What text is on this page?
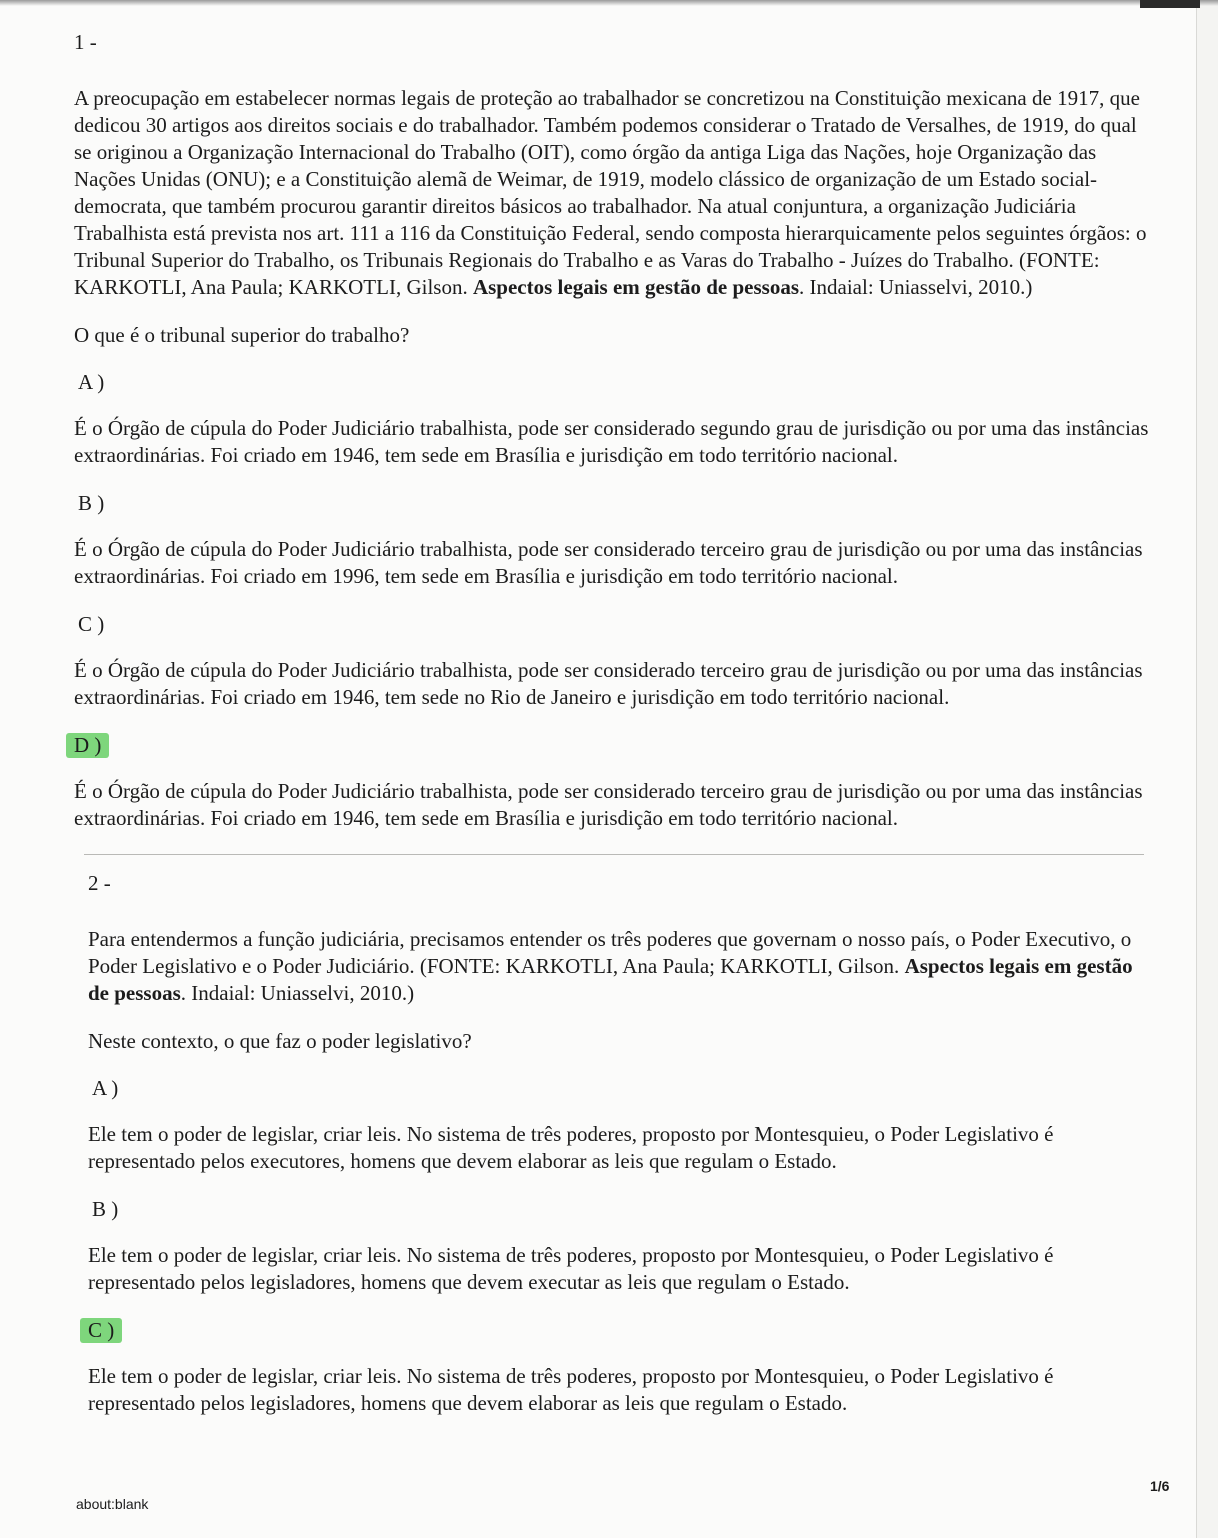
1 -

A preocupação em estabelecer normas legais de proteção ao trabalhador se concretizou na Constituição mexicana de 1917, que dedicou 30 artigos aos direitos sociais e do trabalhador. Também podemos considerar o Tratado de Versalhes, de 1919, do qual se originou a Organização Internacional do Trabalho (OIT), como órgão da antiga Liga das Nações, hoje Organização das Nações Unidas (ONU); e a Constituição alemã de Weimar, de 1919, modelo clássico de organização de um Estado social-democrata, que também procurou garantir direitos básicos ao trabalhador. Na atual conjuntura, a organização Judiciária Trabalhista está prevista nos art. 111 a 116 da Constituição Federal, sendo composta hierarquicamente pelos seguintes órgãos: o Tribunal Superior do Trabalho, os Tribunais Regionais do Trabalho e as Varas do Trabalho - Juízes do Trabalho. (FONTE: KARKOTLI, Ana Paula; KARKOTLI, Gilson. Aspectos legais em gestão de pessoas. Indaial: Uniasselvi, 2010.)

O que é o tribunal superior do trabalho?

A )

É o Órgão de cúpula do Poder Judiciário trabalhista, pode ser considerado segundo grau de jurisdição ou por uma das instâncias extraordinárias. Foi criado em 1946, tem sede em Brasília e jurisdição em todo território nacional.

B )

É o Órgão de cúpula do Poder Judiciário trabalhista, pode ser considerado terceiro grau de jurisdição ou por uma das instâncias extraordinárias. Foi criado em 1996, tem sede em Brasília e jurisdição em todo território nacional.

C )

É o Órgão de cúpula do Poder Judiciário trabalhista, pode ser considerado terceiro grau de jurisdição ou por uma das instâncias extraordinárias. Foi criado em 1946, tem sede no Rio de Janeiro e jurisdição em todo território nacional.

D )

É o Órgão de cúpula do Poder Judiciário trabalhista, pode ser considerado terceiro grau de jurisdição ou por uma das instâncias extraordinárias. Foi criado em 1946, tem sede em Brasília e jurisdição em todo território nacional.

2 -

Para entendermos a função judiciária, precisamos entender os três poderes que governam o nosso país, o Poder Executivo, o Poder Legislativo e o Poder Judiciário. (FONTE: KARKOTLI, Ana Paula; KARKOTLI, Gilson. Aspectos legais em gestão de pessoas. Indaial: Uniasselvi, 2010.)

Neste contexto, o que faz o poder legislativo?

A )

Ele tem o poder de legislar, criar leis. No sistema de três poderes, proposto por Montesquieu, o Poder Legislativo é representado pelos executores, homens que devem elaborar as leis que regulam o Estado.

B )

Ele tem o poder de legislar, criar leis. No sistema de três poderes, proposto por Montesquieu, o Poder Legislativo é representado pelos legisladores, homens que devem executar as leis que regulam o Estado.

C )

Ele tem o poder de legislar, criar leis. No sistema de três poderes, proposto por Montesquieu, o Poder Legislativo é representado pelos legisladores, homens que devem elaborar as leis que regulam o Estado.

about:blank
1/6
